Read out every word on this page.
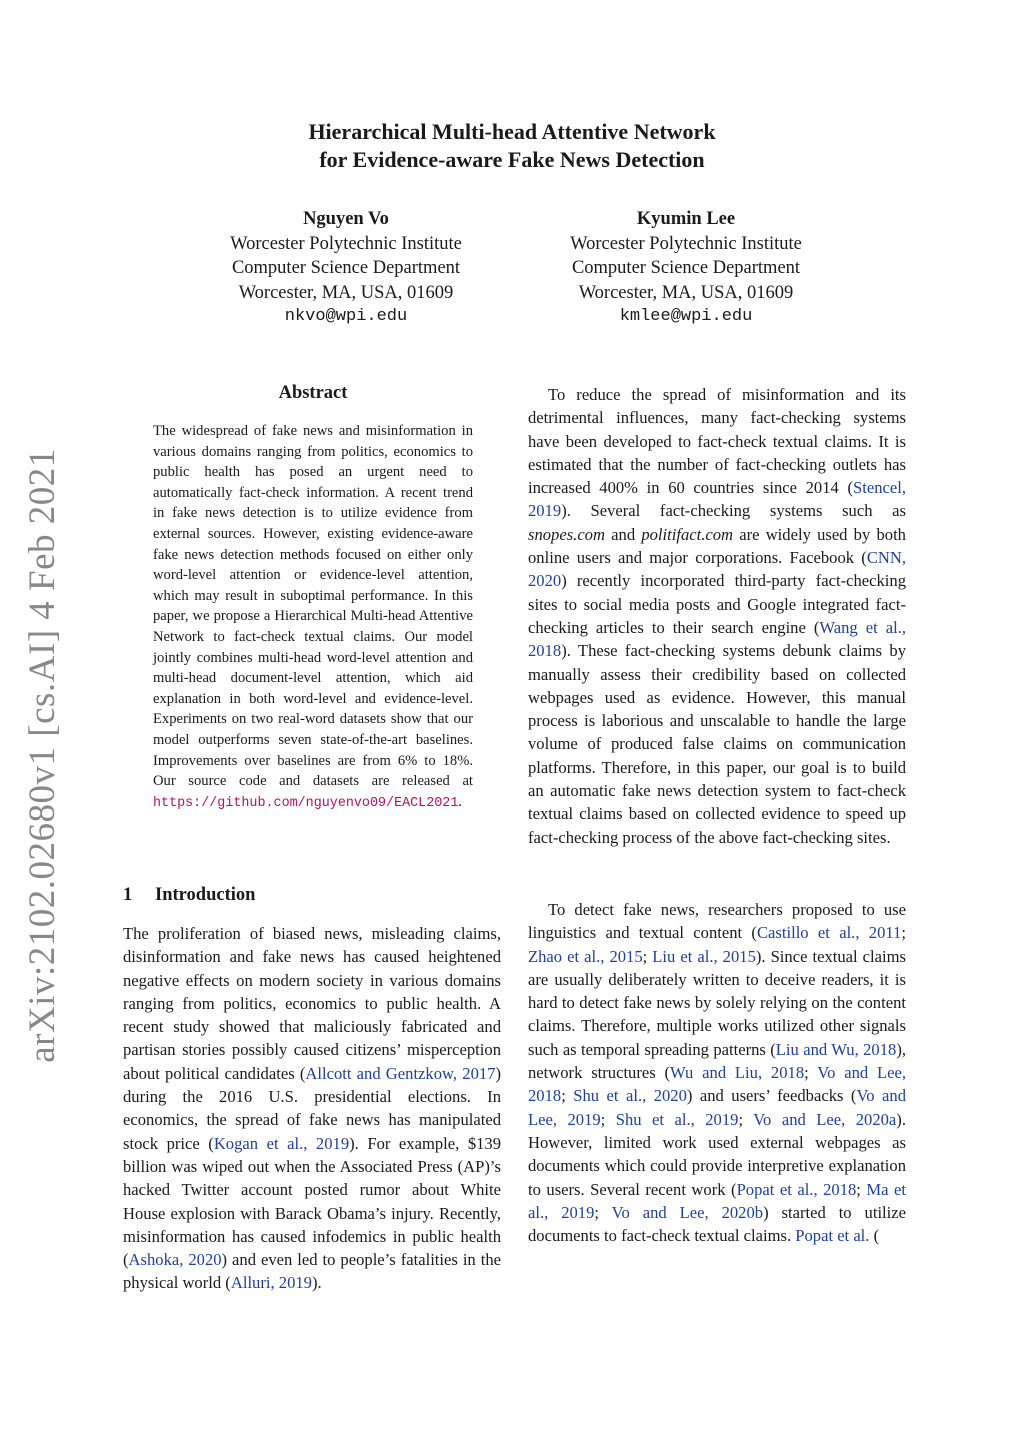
arXiv:2102.02680v1 [cs.AI] 4 Feb 2021
Hierarchical Multi-head Attentive Network
for Evidence-aware Fake News Detection
Nguyen Vo
Worcester Polytechnic Institute
Computer Science Department
Worcester, MA, USA, 01609
nkvo@wpi.edu
Kyumin Lee
Worcester Polytechnic Institute
Computer Science Department
Worcester, MA, USA, 01609
kmlee@wpi.edu
Abstract
The widespread of fake news and misinformation in various domains ranging from politics, economics to public health has posed an urgent need to automatically fact-check information. A recent trend in fake news detection is to utilize evidence from external sources. However, existing evidence-aware fake news detection methods focused on either only word-level attention or evidence-level attention, which may result in suboptimal performance. In this paper, we propose a Hierarchical Multi-head Attentive Network to fact-check textual claims. Our model jointly combines multi-head word-level attention and multi-head document-level attention, which aid explanation in both word-level and evidence-level. Experiments on two real-word datasets show that our model outperforms seven state-of-the-art baselines. Improvements over baselines are from 6% to 18%. Our source code and datasets are released at https://github.com/nguyenvo09/EACL2021.
1 Introduction
The proliferation of biased news, misleading claims, disinformation and fake news has caused heightened negative effects on modern society in various domains ranging from politics, economics to public health. A recent study showed that maliciously fabricated and partisan stories possibly caused citizens’ misperception about political candidates (Allcott and Gentzkow, 2017) during the 2016 U.S. presidential elections. In economics, the spread of fake news has manipulated stock price (Kogan et al., 2019). For example, $139 billion was wiped out when the Associated Press (AP)’s hacked Twitter account posted rumor about White House explosion with Barack Obama’s injury. Recently, misinformation has caused infodemics in public health (Ashoka, 2020) and even led to people’s fatalities in the physical world (Alluri, 2019).
To reduce the spread of misinformation and its detrimental influences, many fact-checking systems have been developed to fact-check textual claims. It is estimated that the number of fact-checking outlets has increased 400% in 60 countries since 2014 (Stencel, 2019). Several fact-checking systems such as snopes.com and politifact.com are widely used by both online users and major corporations. Facebook (CNN, 2020) recently incorporated third-party fact-checking sites to social media posts and Google integrated fact-checking articles to their search engine (Wang et al., 2018). These fact-checking systems debunk claims by manually assess their credibility based on collected webpages used as evidence. However, this manual process is laborious and unscalable to handle the large volume of produced false claims on communication platforms. Therefore, in this paper, our goal is to build an automatic fake news detection system to fact-check textual claims based on collected evidence to speed up fact-checking process of the above fact-checking sites.
To detect fake news, researchers proposed to use linguistics and textual content (Castillo et al., 2011; Zhao et al., 2015; Liu et al., 2015). Since textual claims are usually deliberately written to deceive readers, it is hard to detect fake news by solely relying on the content claims. Therefore, multiple works utilized other signals such as temporal spreading patterns (Liu and Wu, 2018), network structures (Wu and Liu, 2018; Vo and Lee, 2018; Shu et al., 2020) and users’ feedbacks (Vo and Lee, 2019; Shu et al., 2019; Vo and Lee, 2020a). However, limited work used external webpages as documents which could provide interpretive explanation to users. Several recent work (Popat et al., 2018; Ma et al., 2019; Vo and Lee, 2020b) started to utilize documents to fact-check textual claims. Popat et al. (
